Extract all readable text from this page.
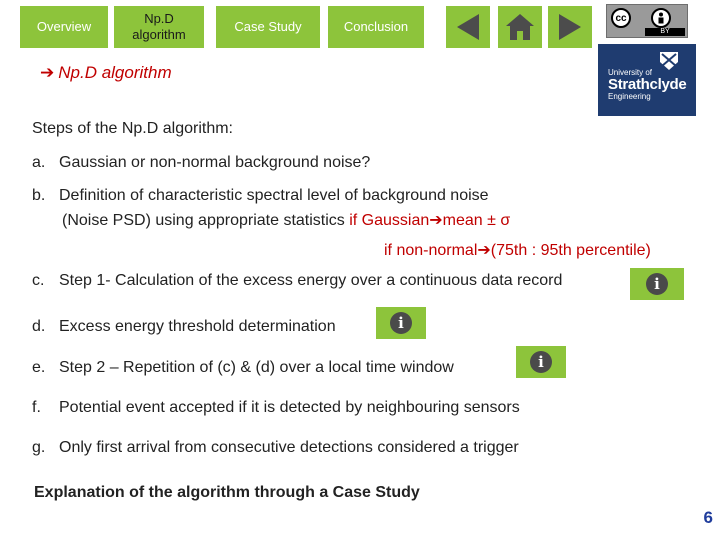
Overview
Np.D algorithm
Case Study	Conclusion
cc
BY
University of
Strathclyde
Engineering
➔ Np.D algorithm
Steps of the Np.D algorithm:
a. Gaussian or non-normal background noise?
b. Definition of characteristic spectral level of background noise
(Noise PSD) using appropriate statistics if Gaussian➔mean ± σ
if non-normal➔(75th : 95th percentile)
c. Step 1- Calculation of the excess energy over a continuous data record	i
d. Excess energy threshold determination	i
e. Step 2 – Repetition of (c) & (d) over a local time window	i
f. Potential event accepted if it is detected by neighbouring sensors
g. Only first arrival from consecutive detections considered a trigger
Explanation of the algorithm through a Case Study
6
